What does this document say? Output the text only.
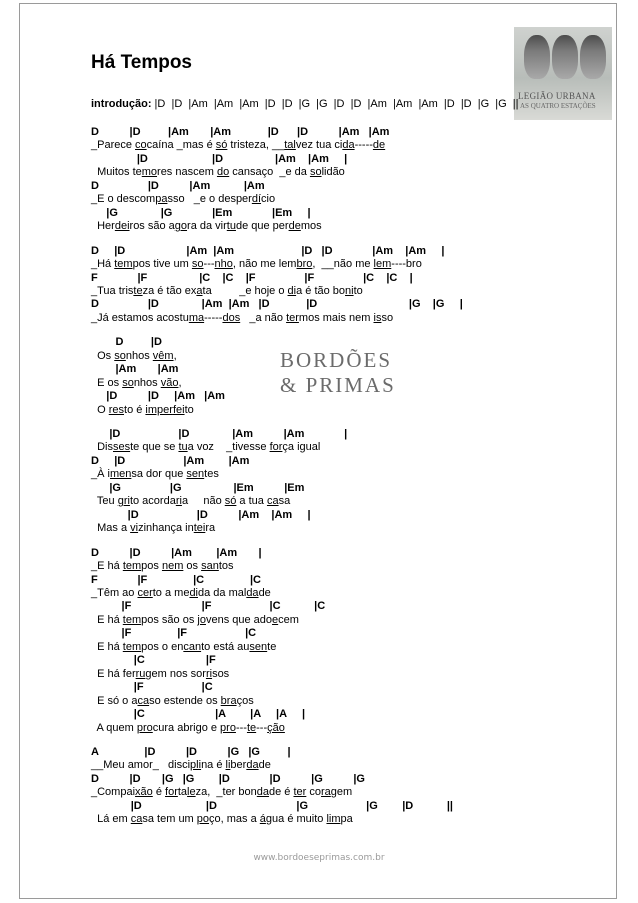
Há Tempos
LEGIÃO URBANA
AS QUATRO ESTAÇÕES
introdução: |D  |D  |Am  |Am  |Am  |D  |D  |G  |G  |D  |D  |Am  |Am  |Am  |D  |D  |G  |G  ||
D          |D         |Am       |Am            |D      |D          |Am   |Am
_Parece cocaína _mas é só tristeza, __talvez tua cida-----de
|D                     |D                 |Am    |Am     |
Muitos temores nascem do cansaço  _e da solidão
D                |D          |Am           |Am
_E o descompasso   _e o desperdício
|G              |G             |Em             |Em     |
Herdeiros são agora da virtude que perdemos
D     |D                    |Am  |Am                      |D   |D             |Am    |Am     |
_Há tempos tive um so---nho, não me lembro,  __não me lem----bro
F             |F                 |C    |C    |F                |F                |C    |C    |
_Tua tristeza é tão exata         _e hoje o dia é tão bonito
D                |D              |Am  |Am   |D            |D                              |G    |G     |
_Já estamos acostuma-----dos   _a não termos mais nem isso
D         |D
Os sonhos vêm,
|Am       |Am
E os sonhos vão,
|D          |D     |Am   |Am
O resto é imperfeito
|D                   |D              |Am          |Am             |
Disseste que se tua voz    _tivesse força igual
D     |D                   |Am        |Am
_À imensa dor que sentes
|G                |G                 |Em          |Em
Teu grito acordaria     não só a tua casa
|D                   |D          |Am    |Am     |
Mas a vizinhança inteira
D          |D          |Am        |Am       |
_E há tempos nem os santos
F             |F               |C               |C
_Têm ao certo a medida da maldade
|F                       |F                   |C           |C
E há tempos são os jovens que adoecem
|F               |F                   |C
E há tempos o encanto está ausente
|C                    |F
E há ferrugem nos sorrisos
|F                   |C
E só o acaso estende os braços
|C                       |A        |A     |A     |
A quem procura abrigo e pro---te---ção
A               |D          |D          |G   |G         |
__Meu amor_   disciplina é liberdade
D          |D       |G   |G        |D             |D          |G          |G
_Compaixão é fortaleza,  _ter bondade é ter coragem
|D                     |D                          |G                   |G        |D           ||
Lá em casa tem um poço, mas a água é muito limpa
BORDÕES
& PRIMAS
www.bordoeseprimas.com.br
